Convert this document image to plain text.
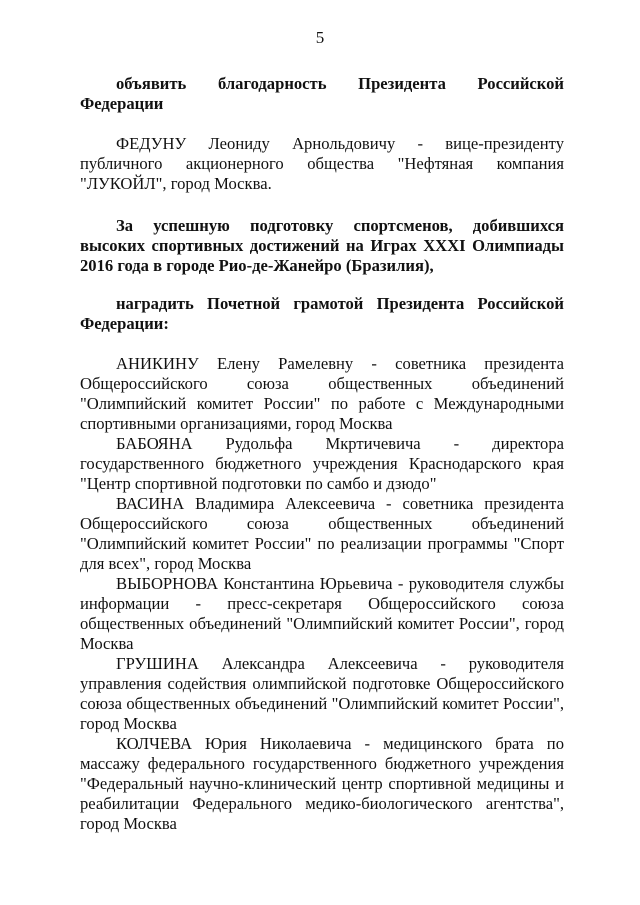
5

объявить благодарность Президента Российской Федерации

ФЕДУНУ Леониду Арнольдовичу - вице-президенту
публичного акционерного общества "Нефтяная компания "ЛУКОЙЛ", город Москва.

За успешную подготовку спортсменов, добившихся высоких спортивных достижений на Играх XXXI Олимпиады 2016 года в городе Рио-де-Жанейро (Бразилия),

наградить Почетной грамотой Президента Российской Федерации:

АНИКИНУ Елену Рамелевну - советника президента Общероссийского союза общественных объединений "Олимпийский комитет России" по работе с Международными спортивными организациями, город Москва

БАБОЯНА Рудольфа Мкртичевича - директора государственного бюджетного учреждения Краснодарского края "Центр спортивной подготовки по самбо и дзюдо"

ВАСИНА Владимира Алексеевича - советника президента Общероссийского союза общественных объединений "Олимпийский комитет России" по реализации программы "Спорт для всех", город Москва

ВЫБОРНОВА Константина Юрьевича - руководителя службы информации - пресс-секретаря Общероссийского союза общественных объединений "Олимпийский комитет России", город Москва

ГРУШИНА Александра Алексеевича - руководителя управления содействия олимпийской подготовке Общероссийского союза общественных объединений "Олимпийский комитет России", город Москва

КОЛЧЕВА Юрия Николаевича - медицинского брата по массажу федерального государственного бюджетного учреждения "Федеральный научно-клинический центр спортивной медицины и реабилитации Федерального медико-биологического агентства", город Москва
